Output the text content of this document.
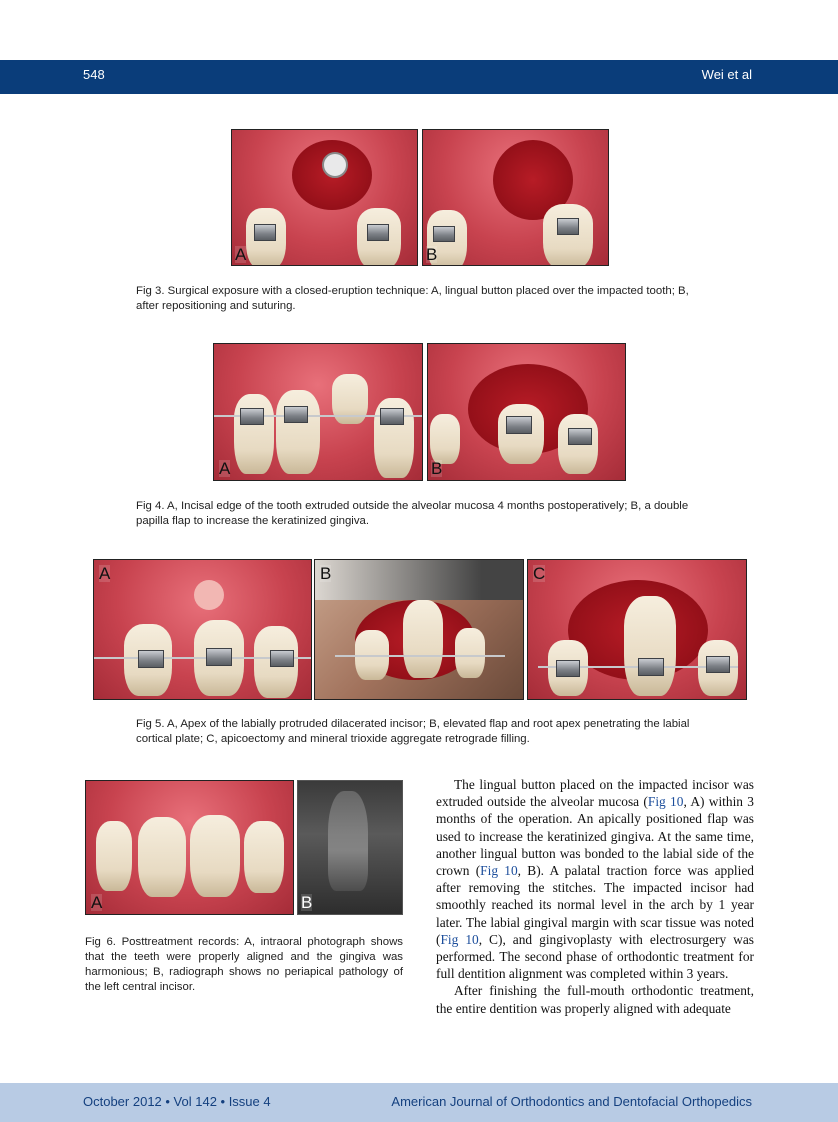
548	Wei et al
A	B
Fig 3. Surgical exposure with a closed-eruption technique: A, lingual button placed over the impacted tooth; B, after repositioning and suturing.
A	B
Fig 4. A, Incisal edge of the tooth extruded outside the alveolar mucosa 4 months postoperatively; B, a double papilla flap to increase the keratinized gingiva.
A	B	C
Fig 5. A, Apex of the labially protruded dilacerated incisor; B, elevated flap and root apex penetrating the labial cortical plate; C, apicoectomy and mineral trioxide aggregate retrograde filling.
A	B
Fig 6. Posttreatment records: A, intraoral photograph shows that the teeth were properly aligned and the gingiva was harmonious; B, radiograph shows no periapical pathology of the left central incisor.

The lingual button placed on the impacted incisor was extruded outside the alveolar mucosa (Fig 10, A) within 3 months of the operation. An apically positioned flap was used to increase the keratinized gingiva. At the same time, another lingual button was bonded to the labial side of the crown (Fig 10, B). A palatal traction force was applied after removing the stitches. The impacted incisor had smoothly reached its normal level in the arch by 1 year later. The labial gingival margin with scar tissue was noted (Fig 10, C), and gingivoplasty with electrosurgery was performed. The second phase of orthodontic treatment for full dentition alignment was completed within 3 years.

After finishing the full-mouth orthodontic treatment, the entire dentition was properly aligned with adequate

October 2012 • Vol 142 • Issue 4	American Journal of Orthodontics and Dentofacial Orthopedics
